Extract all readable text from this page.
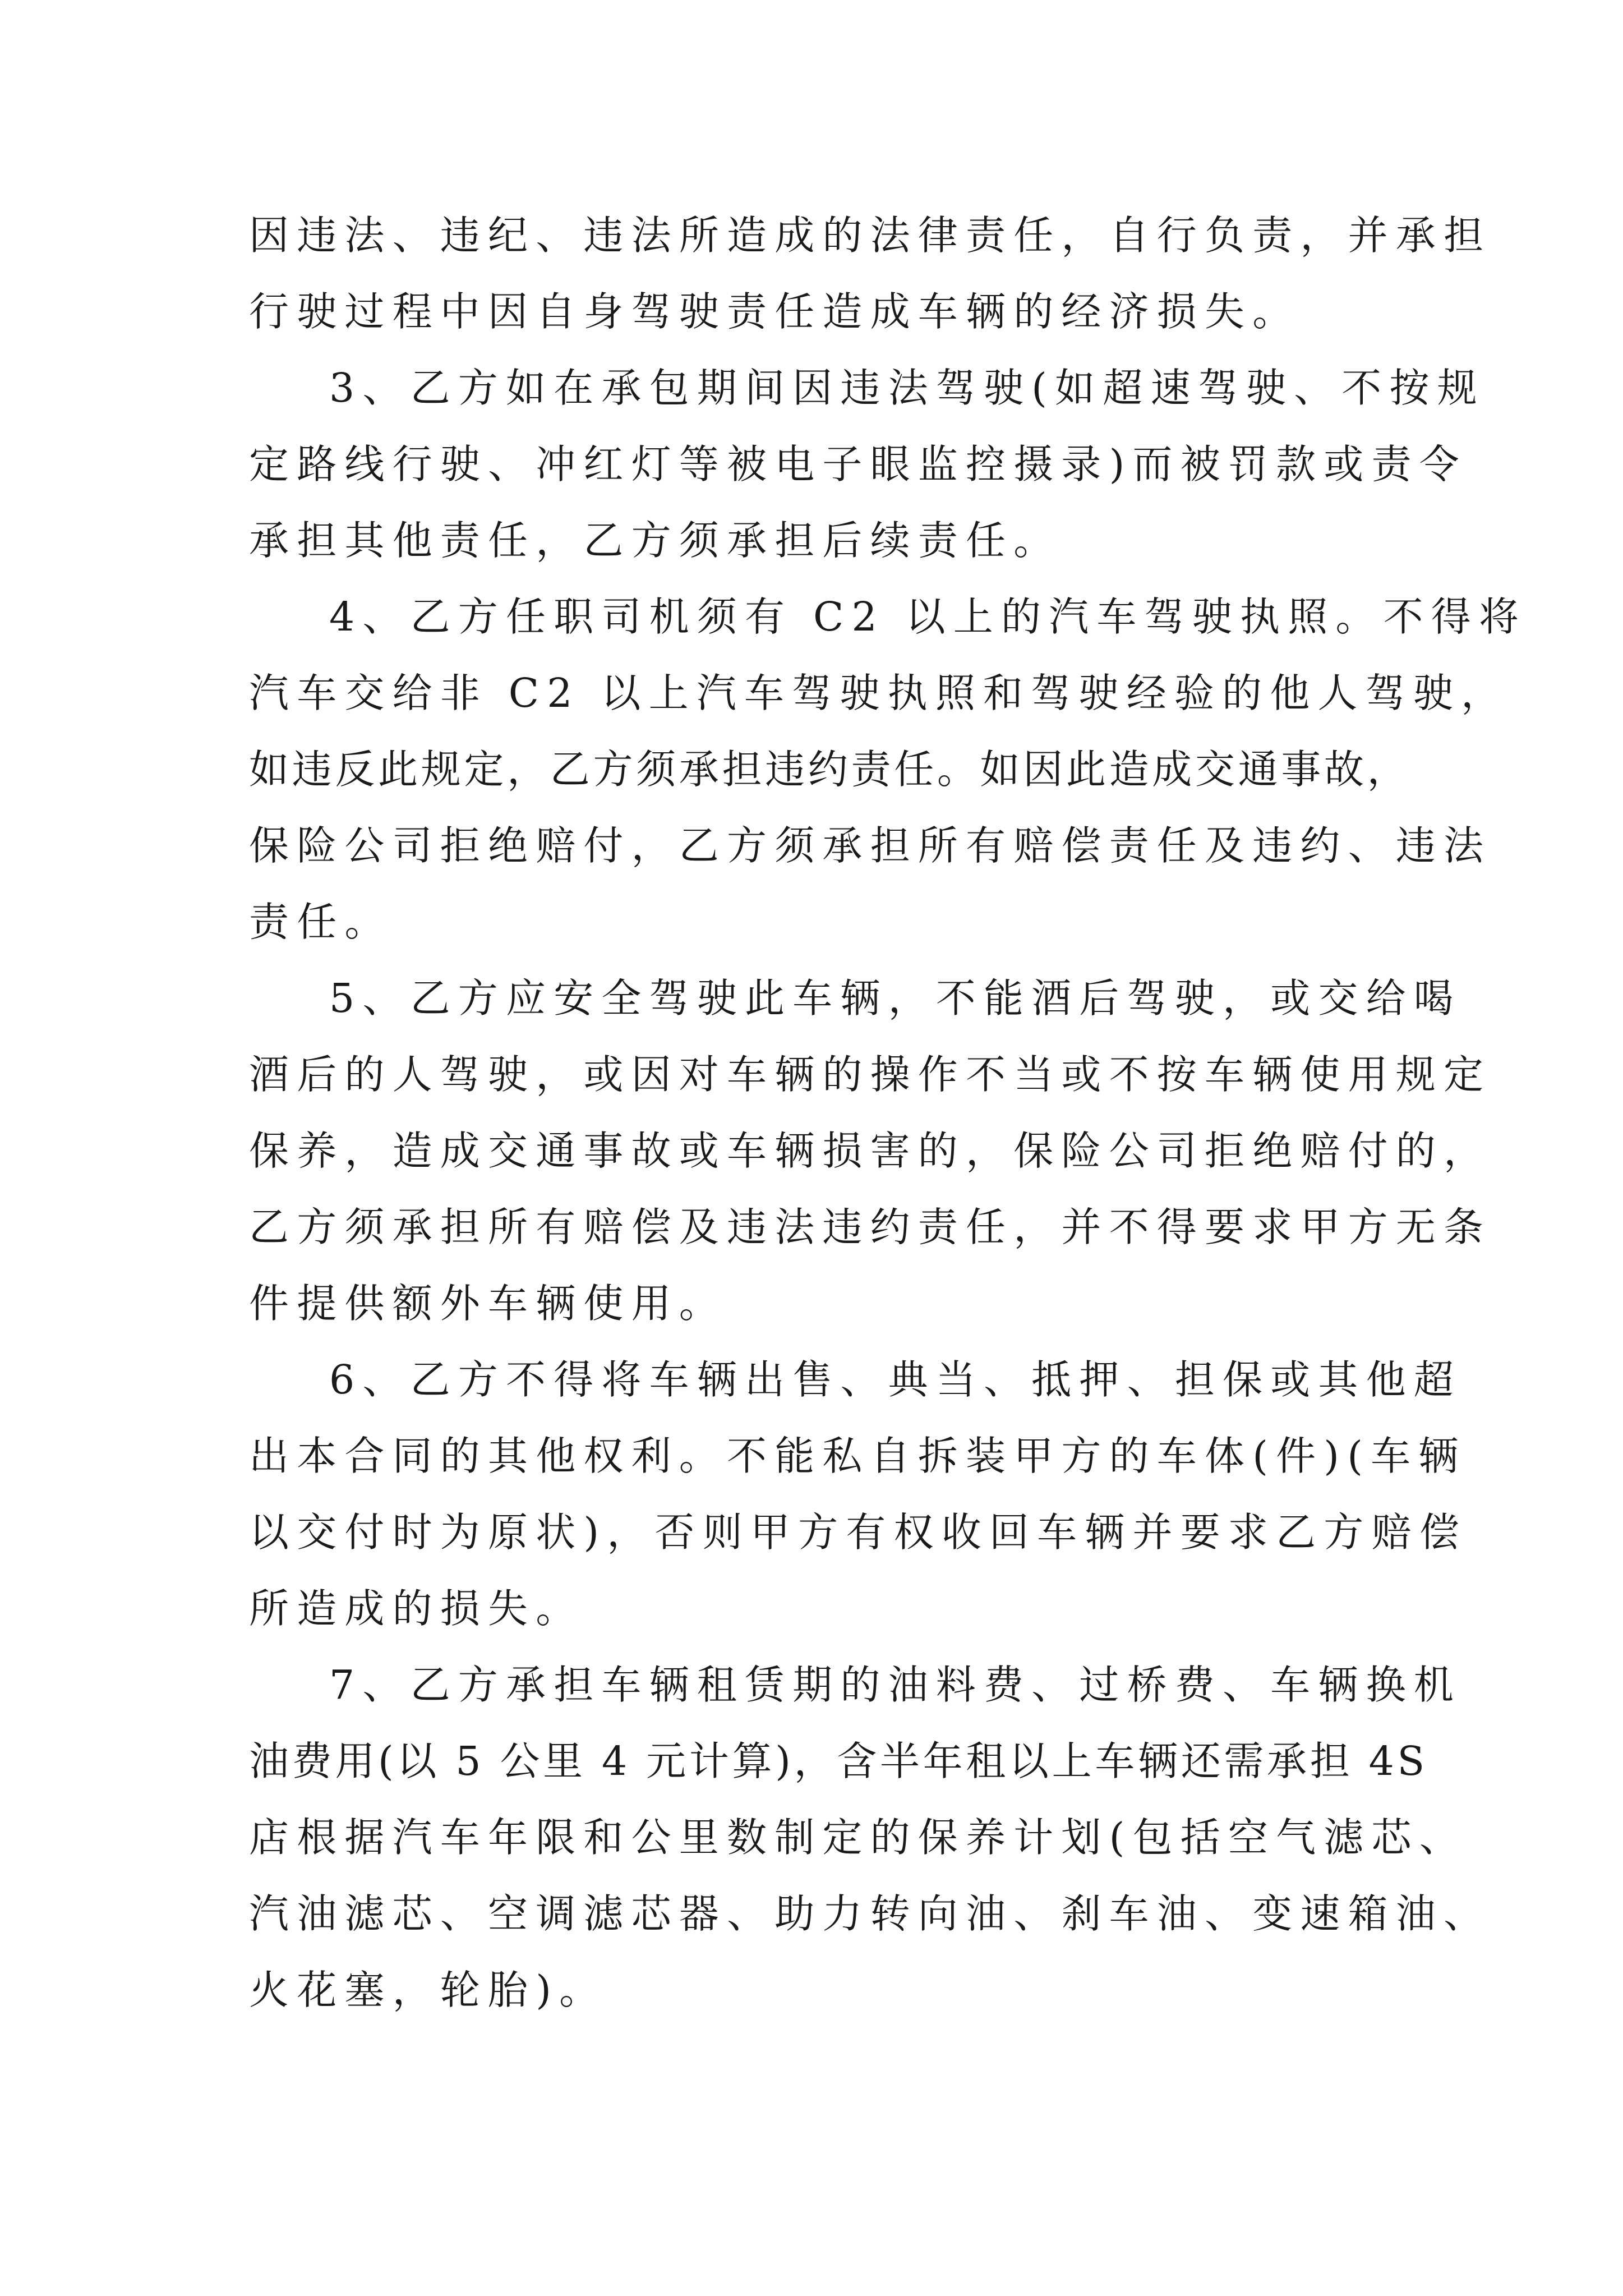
因违法、违纪、违法所造成的法律责任，自行负责，并承担
行驶过程中因自身驾驶责任造成车辆的经济损失。
3、乙方如在承包期间因违法驾驶(如超速驾驶、不按规
定路线行驶、冲红灯等被电子眼监控摄录)而被罚款或责令
承担其他责任，乙方须承担后续责任。
4、乙方任职司机须有 C2 以上的汽车驾驶执照。不得将
汽车交给非 C2 以上汽车驾驶执照和驾驶经验的他人驾驶，
如违反此规定，乙方须承担违约责任。如因此造成交通事故，
保险公司拒绝赔付，乙方须承担所有赔偿责任及违约、违法
责任。
5、乙方应安全驾驶此车辆，不能酒后驾驶，或交给喝
酒后的人驾驶，或因对车辆的操作不当或不按车辆使用规定
保养，造成交通事故或车辆损害的，保险公司拒绝赔付的，
乙方须承担所有赔偿及违法违约责任，并不得要求甲方无条
件提供额外车辆使用。
6、乙方不得将车辆出售、典当、抵押、担保或其他超
出本合同的其他权利。不能私自拆装甲方的车体(件)(车辆
以交付时为原状)，否则甲方有权收回车辆并要求乙方赔偿
所造成的损失。
7、乙方承担车辆租赁期的油料费、过桥费、车辆换机
油费用(以 5 公里 4 元计算)，含半年租以上车辆还需承担 4S
店根据汽车年限和公里数制定的保养计划(包括空气滤芯、
汽油滤芯、空调滤芯器、助力转向油、刹车油、变速箱油、
火花塞，轮胎)。
